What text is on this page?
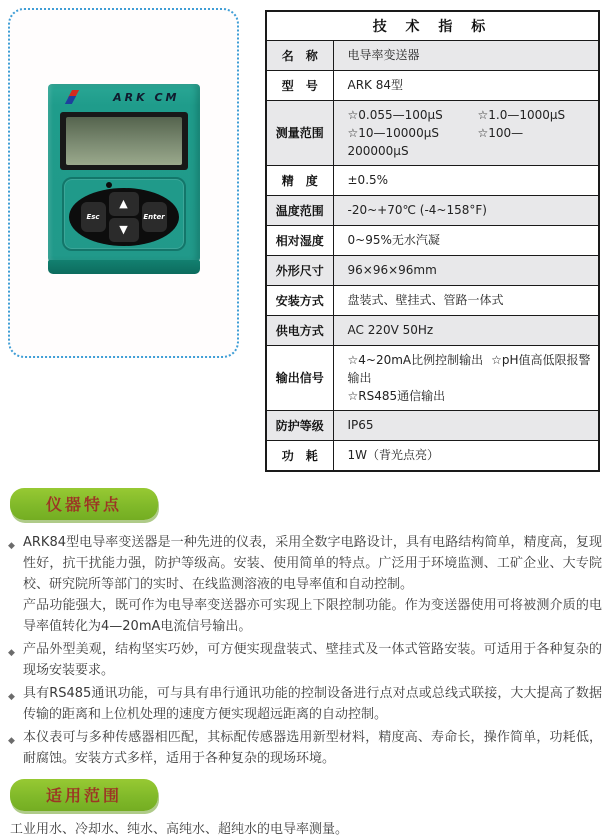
ARK CM
Esc
▲
▼
Enter
技 术 指 标	
名　称	电导率变送器

型　号	ARK 84型

测量范围	☆0.055—100μS ☆1.0—1000μS
☆10—10000μS ☆100—200000μS

精　度	±0.5%

温度范围	-20~+70℃ (-4~158°F)

相对湿度	0~95%无水汽凝

外形尺寸	96×96×96mm

安装方式	盘装式、壁挂式、管路一体式

供电方式	AC 220V 50Hz

输出信号	☆4~20mA比例控制输出 ☆pH值高低限报警输出
☆RS485通信输出

防护等级	IP65

功　耗	1W（背光点亮）
仪器特点
◆ ARK84型电导率变送器是一种先进的仪表，采用全数字电路设计，具有电路结构简单，精度高，复现性好，抗干扰能力强，防护等级高。安装、使用简单的特点。广泛用于环境监测、工矿企业、大专院校、研究院所等部门的实时、在线监测溶液的电导率值和自动控制。

产品功能强大，既可作为电导率变送器亦可实现上下限控制功能。作为变送器使用可将被测介质的电导率值转化为4—20mA电流信号输出。

◆ 产品外型美观，结构坚实巧妙，可方便实现盘装式、壁挂式及一体式管路安装。可适用于各种复杂的现场安装要求。

◆ 具有RS485通讯功能，可与具有串行通讯功能的控制设备进行点对点或总线式联接，大大提高了数据传输的距离和上位机处理的速度方便实现超远距离的自动控制。

◆ 本仪表可与多种传感器相匹配，其标配传感器选用新型材料，精度高、寿命长，操作简单，功耗低，耐腐蚀。安装方式多样，适用于各种复杂的现场环境。

适用范围

工业用水、冷却水、纯水、高纯水、超纯水的电导率测量。
